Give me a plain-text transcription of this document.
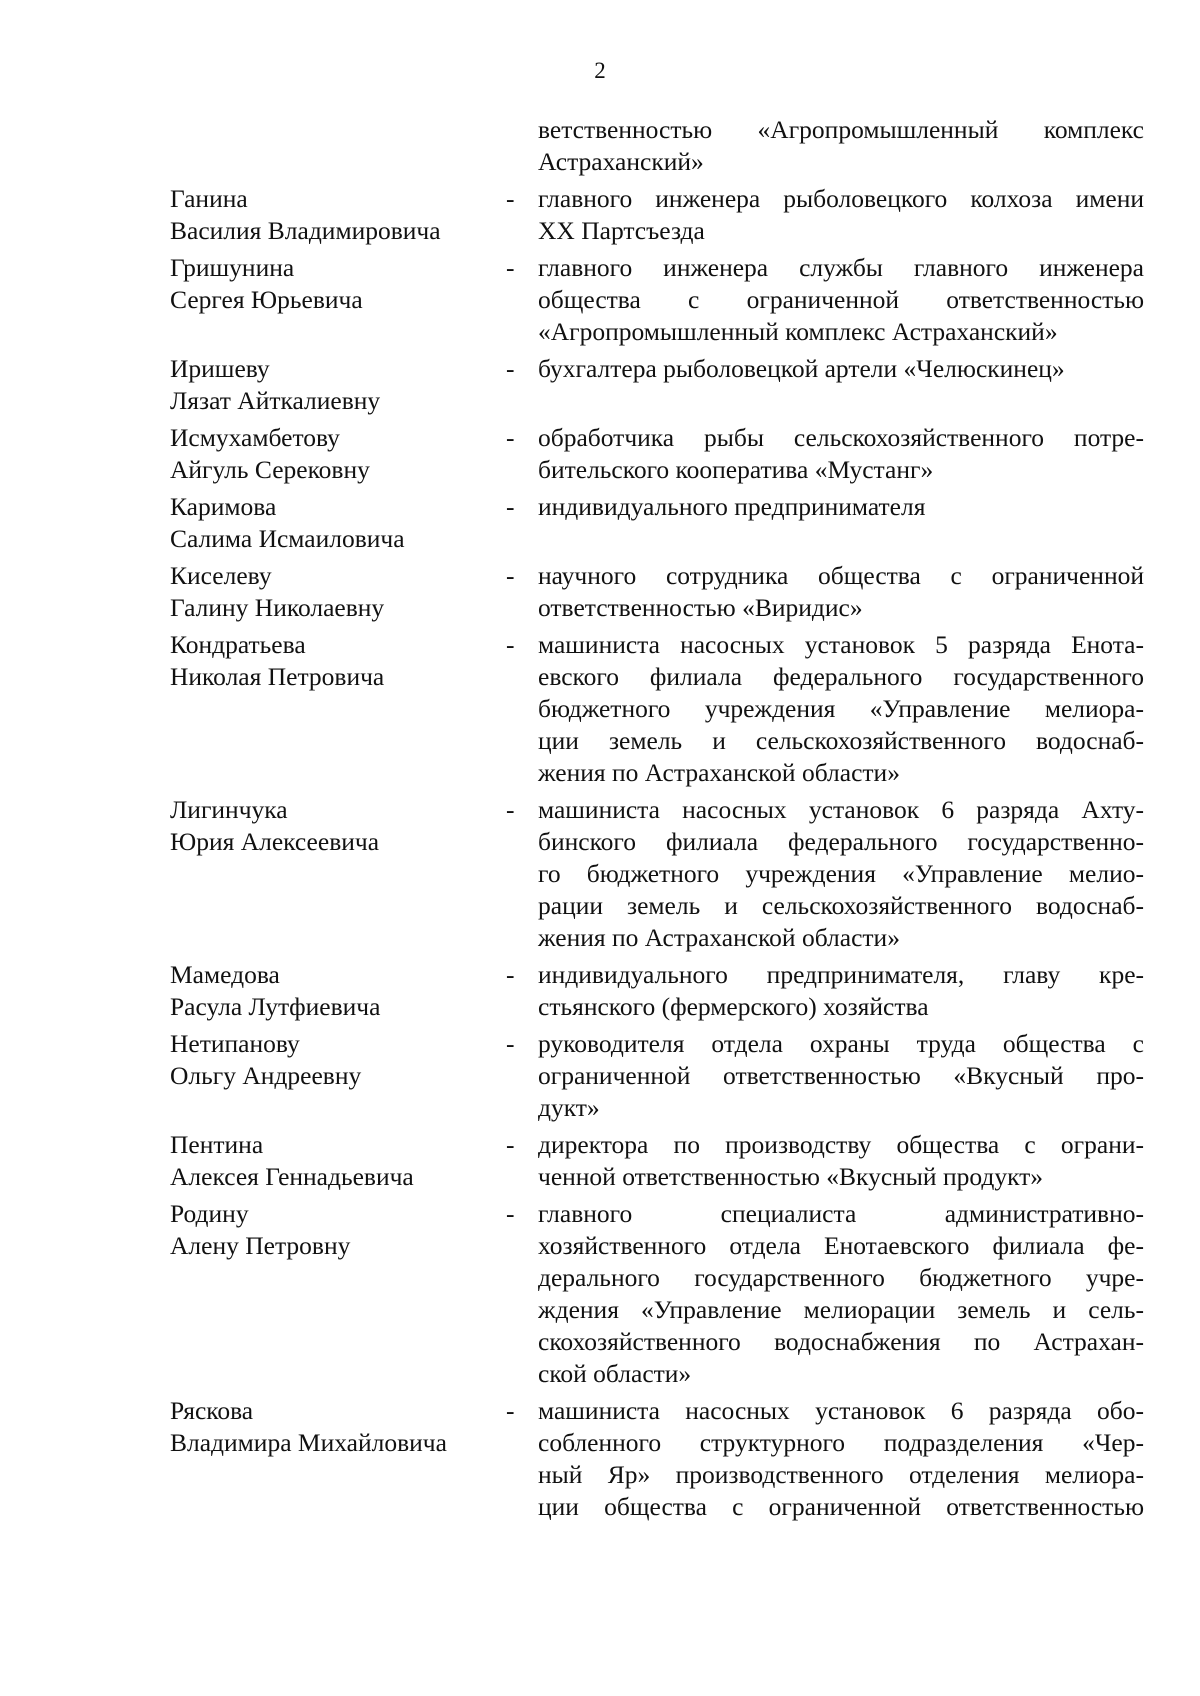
2
ветственностью «Агропромышленный комплекс
Астраханский»
Ганина
Василия Владимировича
- главного инженера рыболовецкого колхоза имени
XX Партсъезда
Гришунина
Сергея Юрьевича
- главного инженера службы главного инженера
общества с ограниченной ответственностью
«Агропромышленный комплекс Астраханский»
Иришеву
Лязат Айткалиевну
- бухгалтера рыболовецкой артели «Челюскинец»
Исмухамбетову
Айгуль Серековну
- обработчика рыбы сельскохозяйственного потре-
бительского кооператива «Мустанг»
Каримова
Салима Исмаиловича
- индивидуального предпринимателя
Киселеву
Галину Николаевну
- научного сотрудника общества с ограниченной
ответственностью «Виридис»
Кондратьева
Николая Петровича
- машиниста насосных установок 5 разряда Енота-
евского филиала федерального государственного
бюджетного учреждения «Управление мелиора-
ции земель и сельскохозяйственного водоснаб-
жения по Астраханской области»
Лигинчука
Юрия Алексеевича
- машиниста насосных установок 6 разряда Ахту-
бинского филиала федерального государственно-
го бюджетного учреждения «Управление мелио-
рации земель и сельскохозяйственного водоснаб-
жения по Астраханской области»
Мамедова
Расула Лутфиевича
- индивидуального предпринимателя, главу кре-
стьянского (фермерского) хозяйства
Нетипанову
Ольгу Андреевну
- руководителя отдела охраны труда общества с
ограниченной ответственностью «Вкусный про-
дукт»
Пентина
Алексея Геннадьевича
- директора по производству общества с ограни-
ченной ответственностью «Вкусный продукт»
Родину
Алену Петровну
- главного специалиста административно-
хозяйственного отдела Енотаевского филиала фе-
дерального государственного бюджетного учре-
ждения «Управление мелиорации земель и сель-
скохозяйственного водоснабжения по Астрахан-
ской области»
Ряскова
Владимира Михайловича
- машиниста насосных установок 6 разряда обо-
собленного структурного подразделения «Чер-
ный Яр» производственного отделения мелиора-
ции общества с ограниченной ответственностью
